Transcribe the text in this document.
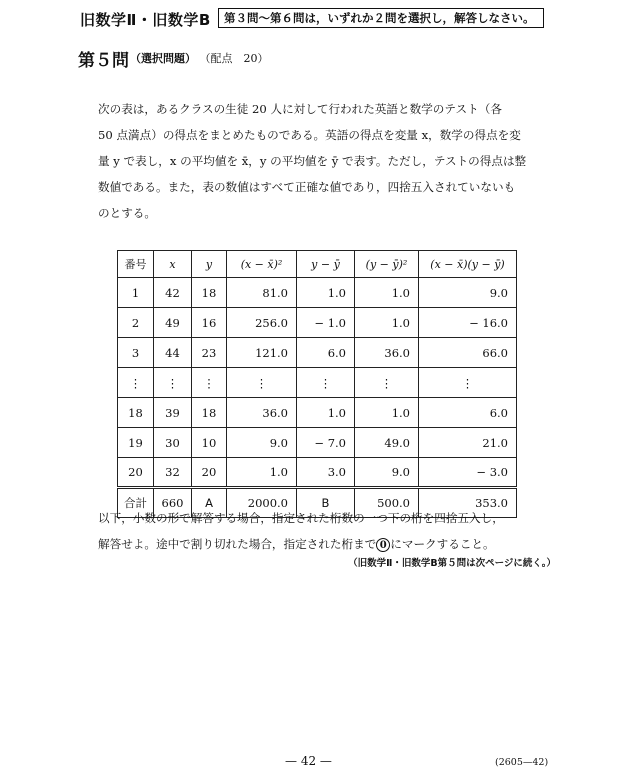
旧数学Ⅱ・旧数学B	第３問～第６問は，いずれか２問を選択し，解答しなさい。
第５問 （選択問題） （配点　20）

次の表は，あるクラスの生徒 20 人に対して行われた英語と数学のテスト（各

50 点満点）の得点をまとめたものである。英語の得点を変量 x，数学の得点を変

量 y で表し，x の平均値を x̄，y の平均値を ȳ で表す。ただし，テストの得点は整

数値である。また，表の数値はすべて正確な値であり，四捨五入されていないも

のとする。

番号	x	y	(x − x̄)²	y − ȳ	(y − ȳ)²	(x − x̄)(y − ȳ)
1	42	18	81.0	1.0	1.0	9.0
2	49	16	256.0	− 1.0	1.0	− 16.0
3	44	23	121.0	6.0	36.0	66.0
⋮	⋮	⋮	⋮	⋮	⋮	⋮
18	39	18	36.0	1.0	1.0	6.0
19	30	10	9.0	− 7.0	49.0	21.0
20	32	20	1.0	3.0	9.0	− 3.0
合計	660	A	2000.0	B	500.0	353.0

以下，小数の形で解答する場合，指定された桁数の一つ下の桁を四捨五入し，

解答せよ。途中で割り切れた場合，指定された桁まで 0 にマークすること。

（旧数学Ⅱ・旧数学B第５問は次ページに続く。）
— 42 —	(2605—42)
